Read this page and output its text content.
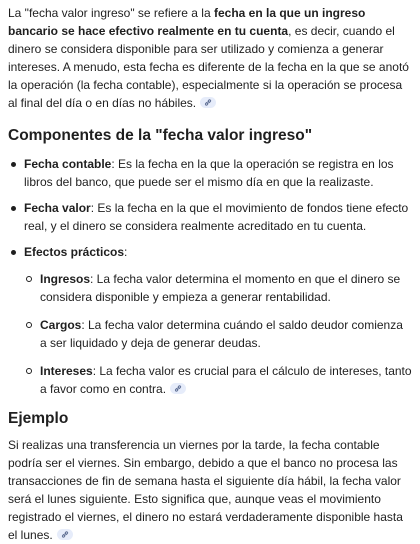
La "fecha valor ingreso" se refiere a la fecha en la que un ingreso bancario se hace efectivo realmente en tu cuenta, es decir, cuando el dinero se considera disponible para ser utilizado y comienza a generar intereses. A menudo, esta fecha es diferente de la fecha en la que se anotó la operación (la fecha contable), especialmente si la operación se procesa al final del día o en días no hábiles.

Componentes de la "fecha valor ingreso"
Fecha contable: Es la fecha en la que la operación se registra en los libros del banco, que puede ser el mismo día en que la realizaste.
Fecha valor: Es la fecha en la que el movimiento de fondos tiene efecto real, y el dinero se considera realmente acreditado en tu cuenta.
Efectos prácticos:
Ingresos: La fecha valor determina el momento en que el dinero se considera disponible y empieza a generar rentabilidad.
Cargos: La fecha valor determina cuándo el saldo deudor comienza a ser liquidado y deja de generar deudas.
Intereses: La fecha valor es crucial para el cálculo de intereses, tanto a favor como en contra.
Ejemplo

Si realizas una transferencia un viernes por la tarde, la fecha contable podría ser el viernes. Sin embargo, debido a que el banco no procesa las transacciones de fin de semana hasta el siguiente día hábil, la fecha valor será el lunes siguiente. Esto significa que, aunque veas el movimiento registrado el viernes, el dinero no estará verdaderamente disponible hasta el lunes.
